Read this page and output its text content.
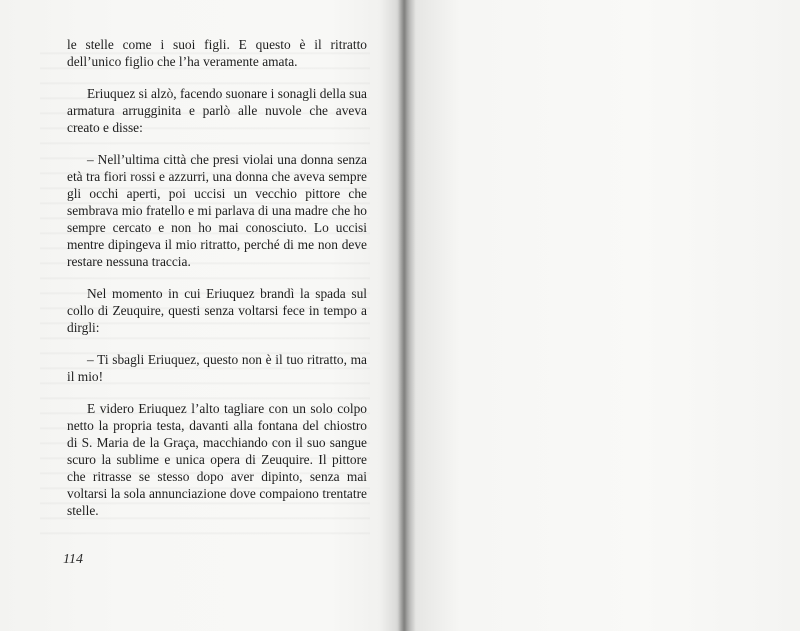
le stelle come i suoi figli. E questo è il ritratto dell’unico figlio che l’ha veramente amata.

Eriuquez si alzò, facendo suonare i sonagli della sua armatura arrugginita e parlò alle nuvole che aveva creato e disse:

– Nell’ultima città che presi violai una donna senza età tra fiori rossi e azzurri, una donna che aveva sempre gli occhi aperti, poi uccisi un vecchio pittore che sembrava mio fratello e mi parlava di una madre che ho sempre cercato e non ho mai conosciuto. Lo uccisi mentre dipingeva il mio ritratto, perché di me non deve restare nessuna traccia.

Nel momento in cui Eriuquez brandì la spada sul collo di Zeuquire, questi senza voltarsi fece in tempo a dirgli:

– Ti sbagli Eriuquez, questo non è il tuo ritratto, ma il mio!

E videro Eriuquez l’alto tagliare con un solo colpo netto la propria testa, davanti alla fontana del chiostro di S. Maria de la Graça, macchiando con il suo sangue scuro la sublime e unica opera di Zeuquire. Il pittore che ritrasse se stesso dopo aver dipinto, senza mai voltarsi la sola annunciazione dove compaiono trentatre stelle.

114
